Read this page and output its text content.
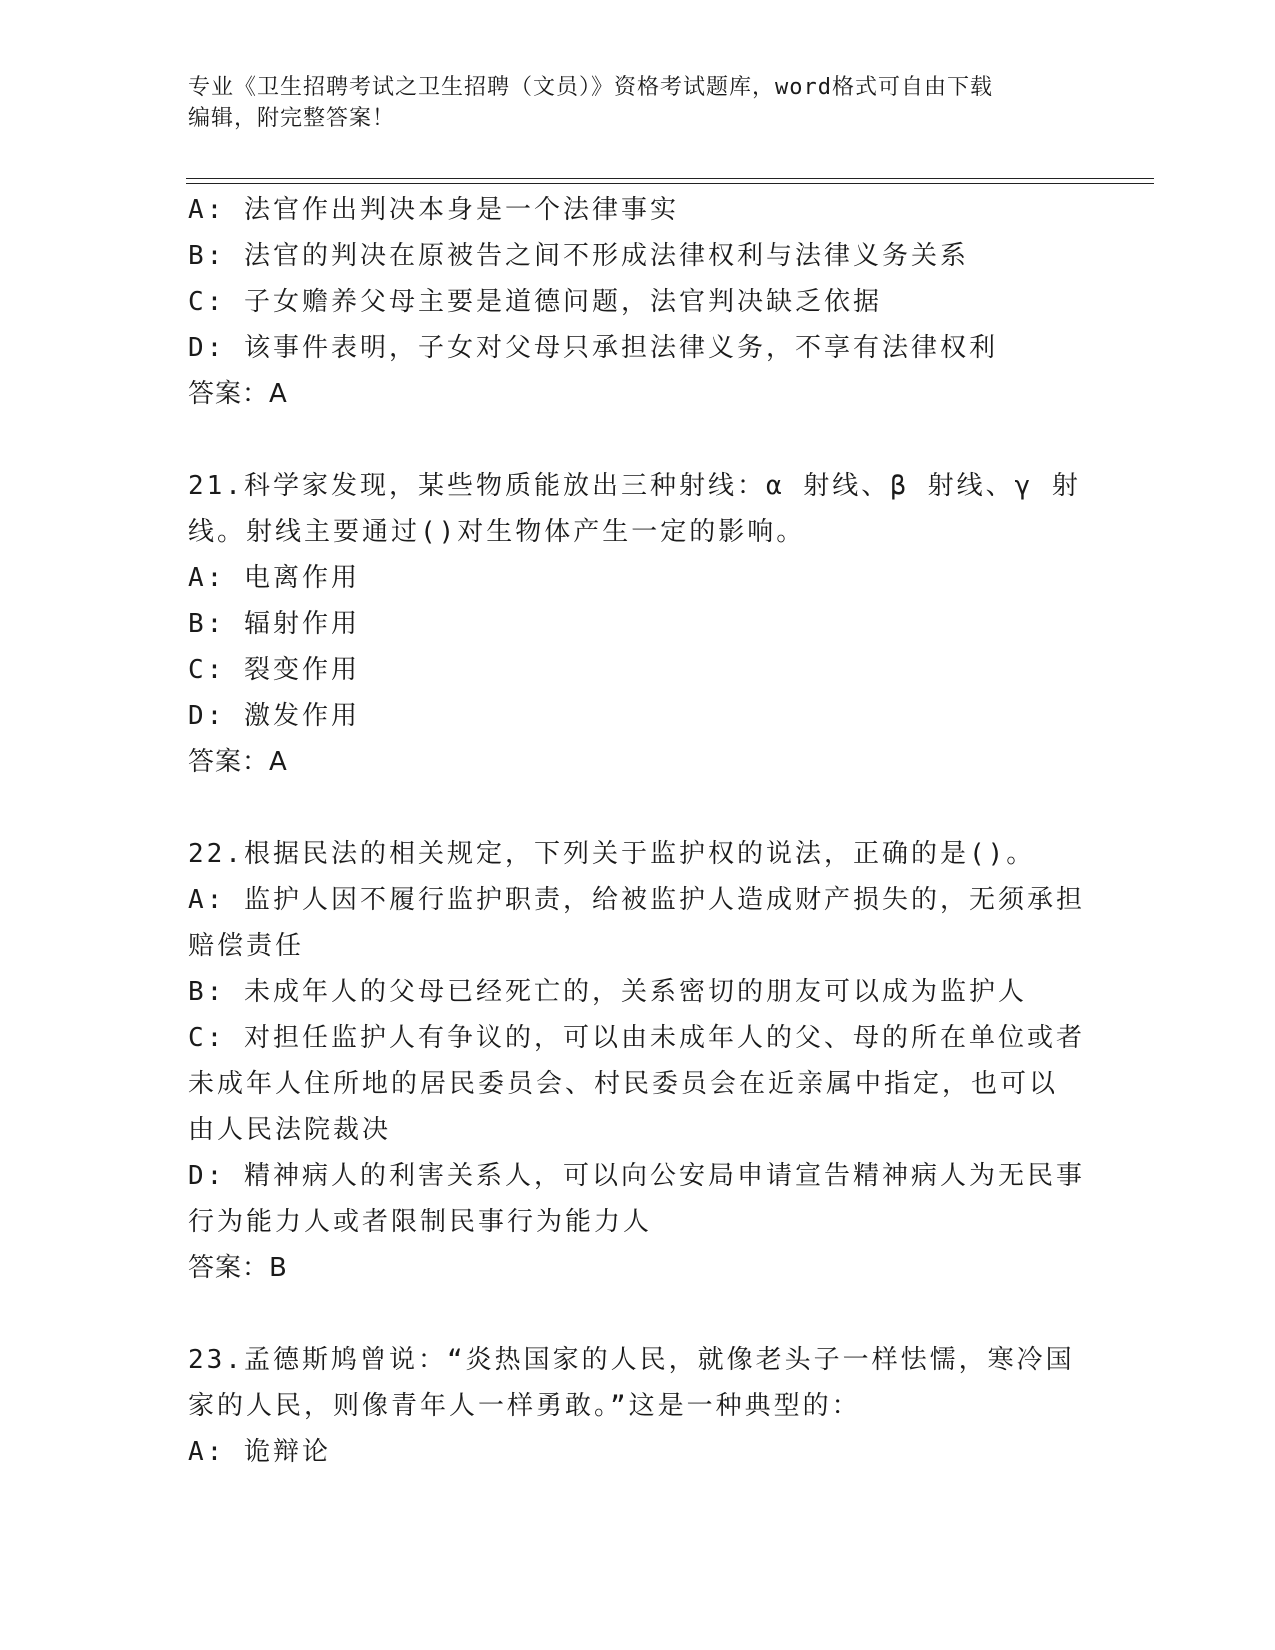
专业《卫生招聘考试之卫生招聘（文员）》资格考试题库，word格式可自由下载
编辑，附完整答案！

A: 法官作出判决本身是一个法律事实

B: 法官的判决在原被告之间不形成法律权利与法律义务关系

C: 子女赡养父母主要是道德问题，法官判决缺乏依据

D: 该事件表明，子女对父母只承担法律义务，不享有法律权利

答案：A

21.科学家发现，某些物质能放出三种射线：α 射线、β 射线、γ 射

线。射线主要通过()对生物体产生一定的影响。

A: 电离作用

B: 辐射作用

C: 裂变作用

D: 激发作用

答案：A

22.根据民法的相关规定，下列关于监护权的说法，正确的是()。

A: 监护人因不履行监护职责，给被监护人造成财产损失的，无须承担

赔偿责任

B: 未成年人的父母已经死亡的，关系密切的朋友可以成为监护人

C: 对担任监护人有争议的，可以由未成年人的父、母的所在单位或者

未成年人住所地的居民委员会、村民委员会在近亲属中指定，也可以

由人民法院裁决

D: 精神病人的利害关系人，可以向公安局申请宣告精神病人为无民事

行为能力人或者限制民事行为能力人

答案：B

23.孟德斯鸠曾说：“炎热国家的人民，就像老头子一样怯懦，寒冷国

家的人民，则像青年人一样勇敢。”这是一种典型的：

A: 诡辩论
